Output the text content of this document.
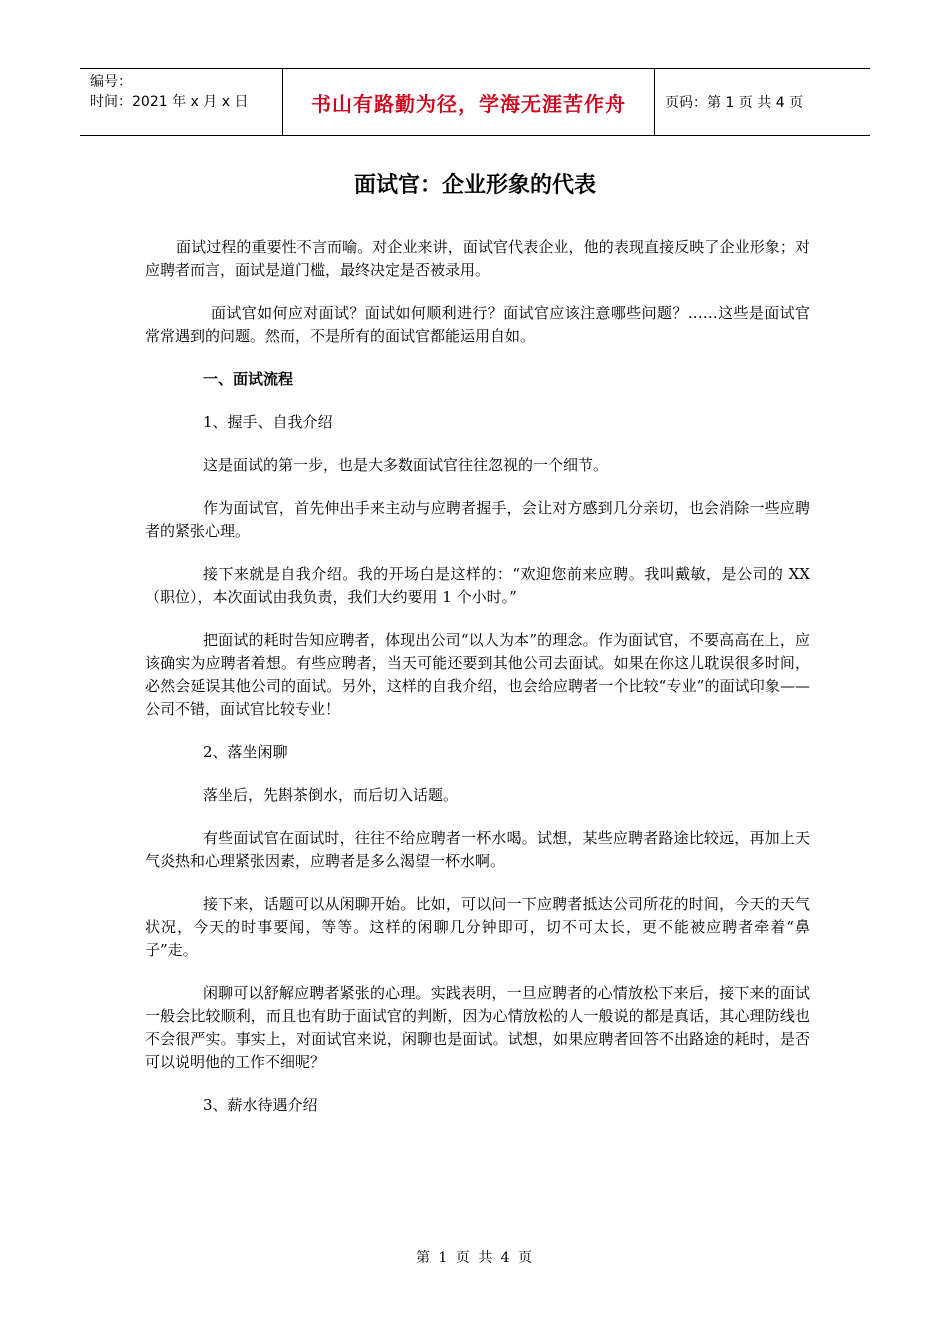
编号：
时间：2021 年 x 月 x 日	书山有路勤为径，学海无涯苦作舟	页码：第 1 页 共 4 页
面试官：企业形象的代表

面试过程的重要性不言而喻。对企业来讲，面试官代表企业，他的表现直接反映了企业形象；对应聘者而言，面试是道门槛，最终决定是否被录用。

面试官如何应对面试？面试如何顺利进行？面试官应该注意哪些问题？……这些是面试官常常遇到的问题。然而，不是所有的面试官都能运用自如。

一、面试流程

1、握手、自我介绍

这是面试的第一步，也是大多数面试官往往忽视的一个细节。

作为面试官，首先伸出手来主动与应聘者握手，会让对方感到几分亲切，也会消除一些应聘者的紧张心理。

接下来就是自我介绍。我的开场白是这样的：“欢迎您前来应聘。我叫戴敏，是公司的 XX（职位），本次面试由我负责，我们大约要用 1 个小时。”

把面试的耗时告知应聘者，体现出公司“以人为本”的理念。作为面试官，不要高高在上，应该确实为应聘者着想。有些应聘者，当天可能还要到其他公司去面试。如果在你这儿耽误很多时间，必然会延误其他公司的面试。另外，这样的自我介绍，也会给应聘者一个比较“专业”的面试印象——公司不错，面试官比较专业！

2、落坐闲聊

落坐后，先斟茶倒水，而后切入话题。

有些面试官在面试时，往往不给应聘者一杯水喝。试想，某些应聘者路途比较远，再加上天气炎热和心理紧张因素，应聘者是多么渴望一杯水啊。

接下来，话题可以从闲聊开始。比如，可以问一下应聘者抵达公司所花的时间，今天的天气状况，今天的时事要闻，等等。这样的闲聊几分钟即可，切不可太长，更不能被应聘者牵着“鼻子”走。

闲聊可以舒解应聘者紧张的心理。实践表明，一旦应聘者的心情放松下来后，接下来的面试一般会比较顺利，而且也有助于面试官的判断，因为心情放松的人一般说的都是真话，其心理防线也不会很严实。事实上，对面试官来说，闲聊也是面试。试想，如果应聘者回答不出路途的耗时，是否可以说明他的工作不细呢？

3、薪水待遇介绍

第 1 页 共 4 页
